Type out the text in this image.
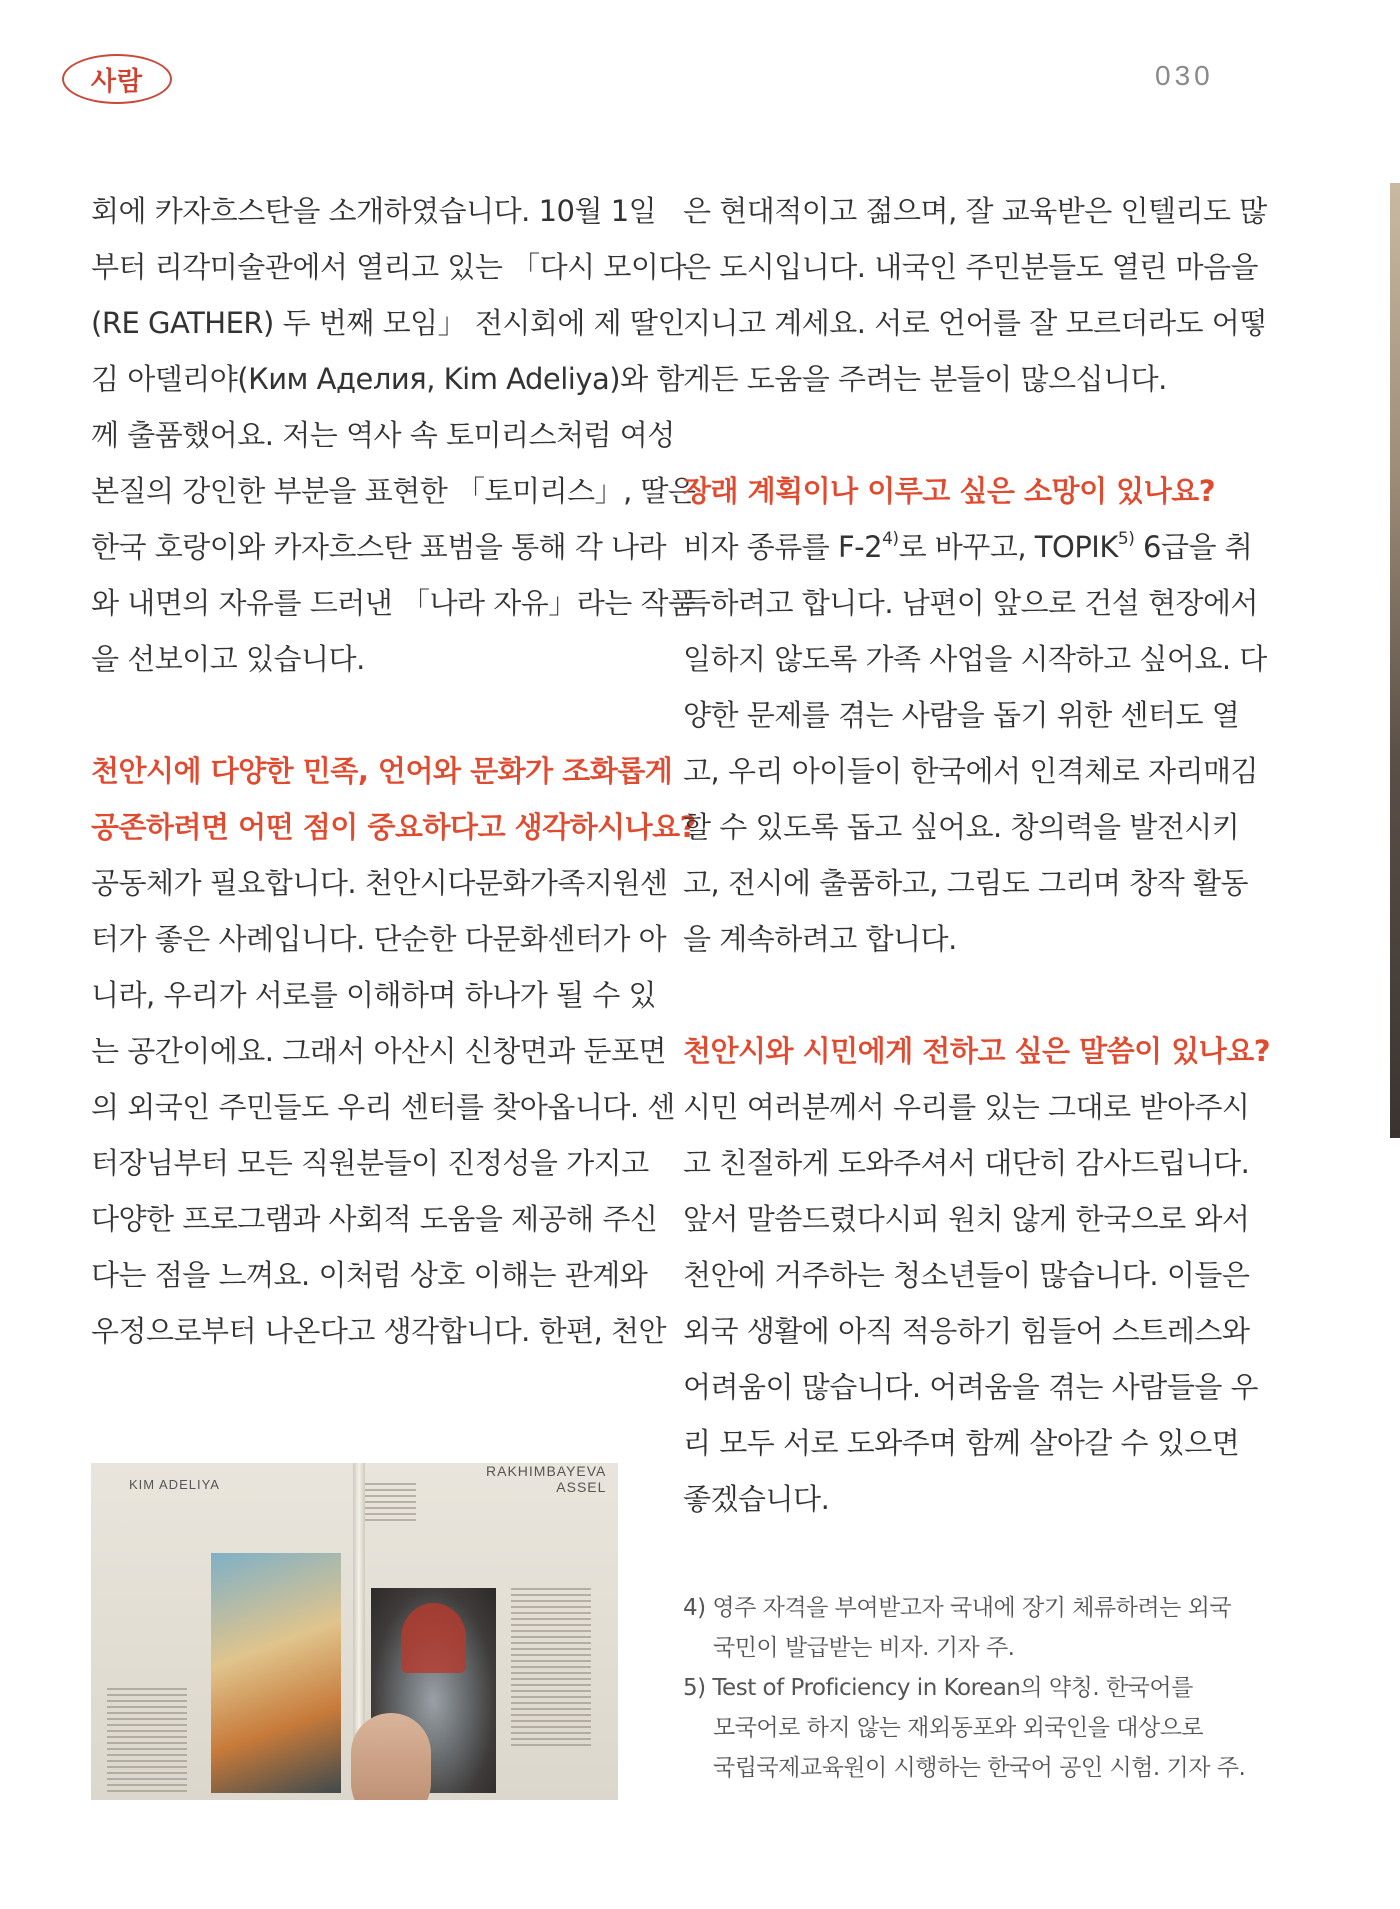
사람	030

회에 카자흐스탄을 소개하였습니다. 10월 1일
부터 리각미술관에서 열리고 있는 「다시 모이다
(RE GATHER) 두 번째 모임」 전시회에 제 딸인
김 아델리야(Ким Аделия, Kim Adeliya)와 함
께 출품했어요. 저는 역사 속 토미리스처럼 여성
본질의 강인한 부분을 표현한 「토미리스」, 딸은
한국 호랑이와 카자흐스탄 표범을 통해 각 나라
와 내면의 자유를 드러낸 「나라 자유」라는 작품
을 선보이고 있습니다.

천안시에 다양한 민족, 언어와 문화가 조화롭게
공존하려면 어떤 점이 중요하다고 생각하시나요?

공동체가 필요합니다. 천안시다문화가족지원센
터가 좋은 사례입니다. 단순한 다문화센터가 아
니라, 우리가 서로를 이해하며 하나가 될 수 있
는 공간이에요. 그래서 아산시 신창면과 둔포면
의 외국인 주민들도 우리 센터를 찾아옵니다. 센
터장님부터 모든 직원분들이 진정성을 가지고
다양한 프로그램과 사회적 도움을 제공해 주신
다는 점을 느껴요. 이처럼 상호 이해는 관계와
우정으로부터 나온다고 생각합니다. 한편, 천안

은 현대적이고 젊으며, 잘 교육받은 인텔리도 많
은 도시입니다. 내국인 주민분들도 열린 마음을
지니고 계세요. 서로 언어를 잘 모르더라도 어떻
게든 도움을 주려는 분들이 많으십니다.

장래 계획이나 이루고 싶은 소망이 있나요?

비자 종류를 F-2$^{4)}$로 바꾸고, TOPIK$^{5)}$ 6급을 취
득하려고 합니다. 남편이 앞으로 건설 현장에서
일하지 않도록 가족 사업을 시작하고 싶어요. 다
양한 문제를 겪는 사람을 돕기 위한 센터도 열
고, 우리 아이들이 한국에서 인격체로 자리매김
할 수 있도록 돕고 싶어요. 창의력을 발전시키
고, 전시에 출품하고, 그림도 그리며 창작 활동
을 계속하려고 합니다.

천안시와 시민에게 전하고 싶은 말씀이 있나요?

시민 여러분께서 우리를 있는 그대로 받아주시
고 친절하게 도와주셔서 대단히 감사드립니다.
앞서 말씀드렸다시피 원치 않게 한국으로 와서
천안에 거주하는 청소년들이 많습니다. 이들은
외국 생활에 아직 적응하기 힘들어 스트레스와
어려움이 많습니다. 어려움을 겪는 사람들을 우
리 모두 서로 도와주며 함께 살아갈 수 있으면
좋겠습니다.

4) 영주 자격을 부여받고자 국내에 장기 체류하려는 외국
국민이 발급받는 비자. 기자 주.

5) Test of Proficiency in Korean의 약칭. 한국어를
모국어로 하지 않는 재외동포와 외국인을 대상으로
국립국제교육원이 시행하는 한국어 공인 시험. 기자 주.

KIM ADELIYA
RAKHIMBAYEVA
ASSEL
